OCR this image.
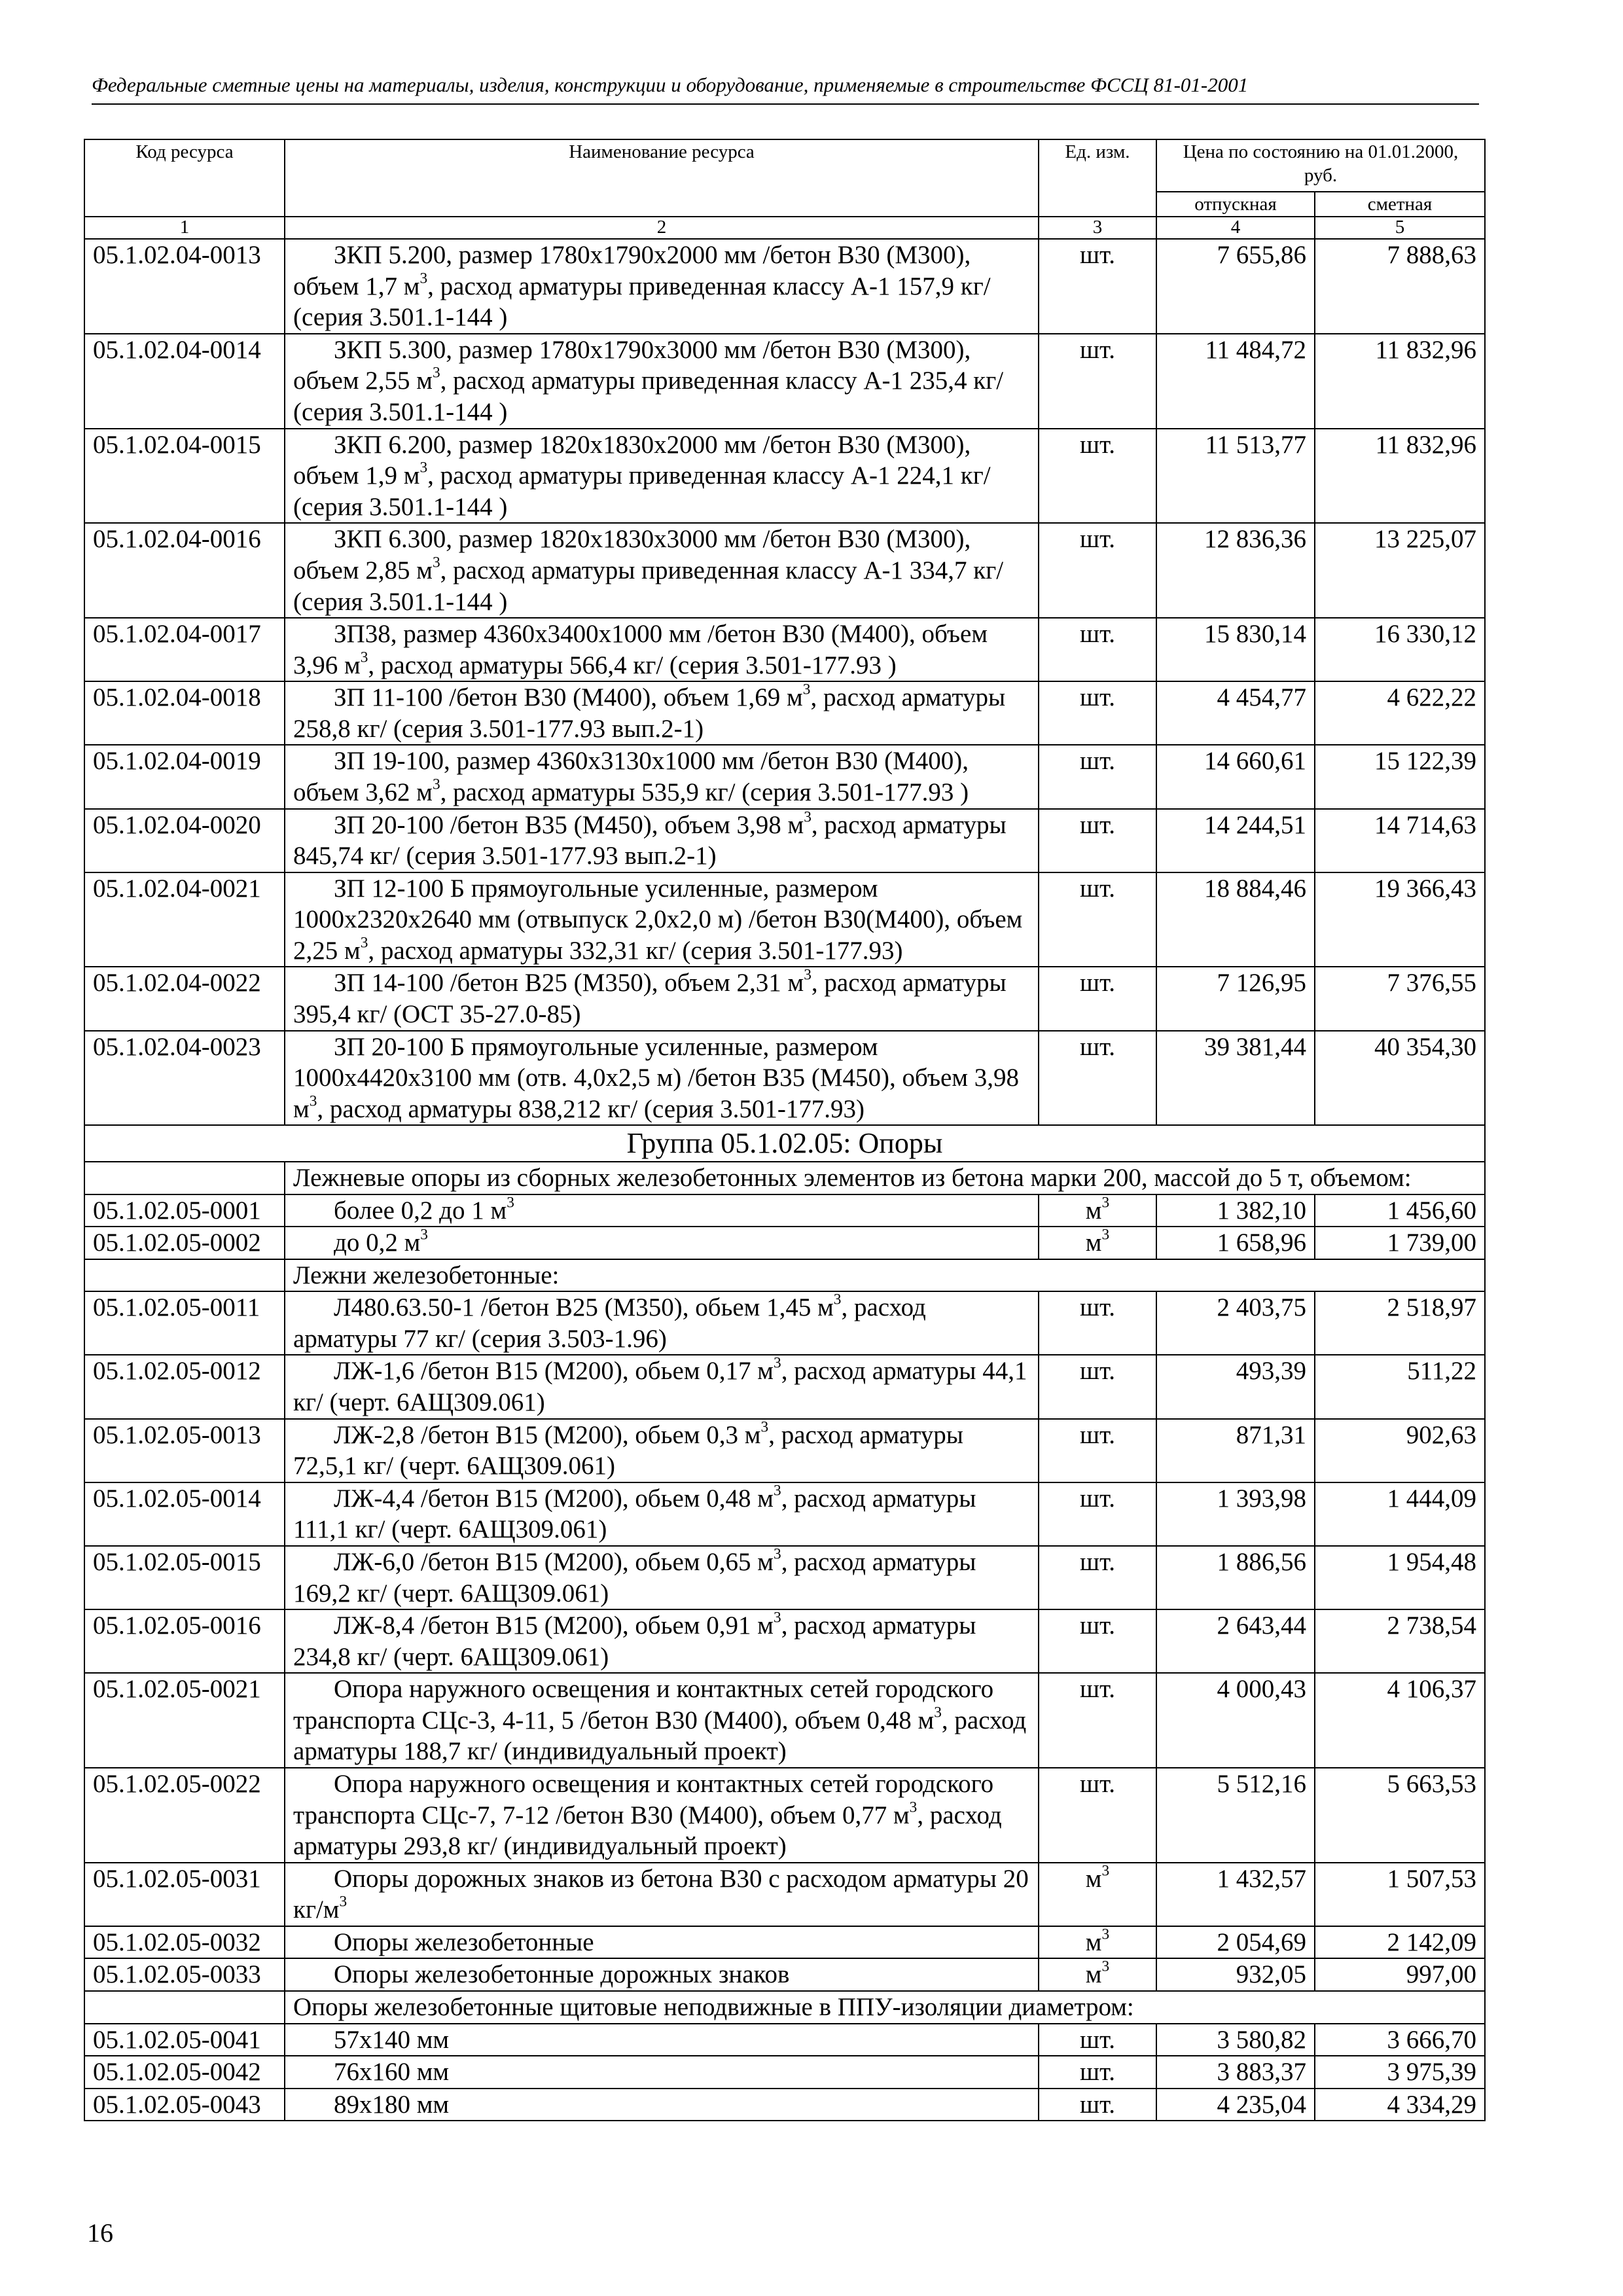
Федеральные сметные цены на материалы, изделия, конструкции и оборудование, применяемые в строительстве ФССЦ 81-01-2001
Код ресурса	Наименование ресурса	Ед. изм.	Цена по состоянию на 01.01.2000, руб.	
			отпускная	сметная
1	2	3	4	5
05.1.02.04-0013	ЗКП 5.200, размер 1780х1790х2000 мм /бетон В30 (М300), объем 1,7 $м^3$, расход арматуры приведенная классу А-1 157,9 кг/ (серия 3.501.1-144 )	шт.	7 655,86	7 888,63
05.1.02.04-0014	ЗКП 5.300, размер 1780х1790х3000 мм /бетон В30 (М300), объем 2,55 $м^3$, расход арматуры приведенная классу А-1 235,4 кг/ (серия 3.501.1-144 )	шт.	11 484,72	11 832,96
05.1.02.04-0015	ЗКП 6.200, размер 1820х1830х2000 мм /бетон В30 (М300), объем 1,9 $м^3$, расход арматуры приведенная классу А-1 224,1 кг/ (серия 3.501.1-144 )	шт.	11 513,77	11 832,96
05.1.02.04-0016	ЗКП 6.300, размер 1820х1830х3000 мм /бетон В30 (М300), объем 2,85 $м^3$, расход арматуры приведенная классу А-1 334,7 кг/ (серия 3.501.1-144 )	шт.	12 836,36	13 225,07
05.1.02.04-0017	ЗП38, размер 4360х3400х1000 мм /бетон В30 (М400), объем 3,96 $м^3$, расход арматуры 566,4 кг/ (серия 3.501-177.93 )	шт.	15 830,14	16 330,12
05.1.02.04-0018	ЗП 11-100 /бетон В30 (М400), объем 1,69 $м^3$, расход арматуры 258,8 кг/ (серия 3.501-177.93 вып.2-1)	шт.	4 454,77	4 622,22
05.1.02.04-0019	ЗП 19-100, размер 4360х3130х1000 мм /бетон В30 (М400), объем 3,62 $м^3$, расход арматуры 535,9 кг/ (серия 3.501-177.93 )	шт.	14 660,61	15 122,39
05.1.02.04-0020	ЗП 20-100 /бетон В35 (М450), объем 3,98 $м^3$, расход арматуры 845,74 кг/ (серия 3.501-177.93 вып.2-1)	шт.	14 244,51	14 714,63
05.1.02.04-0021	ЗП 12-100 Б прямоугольные усиленные, размером 1000х2320х2640 мм (отвыпуск 2,0х2,0 м) /бетон В30(М400), объем 2,25 $м^3$, расход арматуры 332,31 кг/ (серия 3.501-177.93)	шт.	18 884,46	19 366,43
05.1.02.04-0022	ЗП 14-100 /бетон В25 (М350), объем 2,31 $м^3$, расход арматуры 395,4 кг/ (ОСТ 35-27.0-85)	шт.	7 126,95	7 376,55
05.1.02.04-0023	ЗП 20-100 Б прямоугольные усиленные, размером 1000х4420х3100 мм (отв. 4,0х2,5 м) /бетон В35 (М450), объем 3,98 $м^3$, расход арматуры 838,212 кг/ (серия 3.501-177.93)	шт.	39 381,44	40 354,30
Группа 05.1.02.05: Опоры				
	Лежневые опоры из сборных железобетонных элементов из бетона марки 200, массой до 5 т, объемом:			
05.1.02.05-0001	более 0,2 до 1 $м^3$	$м^3$	1 382,10	1 456,60
05.1.02.05-0002	до 0,2 $м^3$	$м^3$	1 658,96	1 739,00
	Лежни железобетонные:			
05.1.02.05-0011	Л480.63.50-1 /бетон В25 (М350), обьем 1,45 $м^3$, расход арматуры 77 кг/ (серия 3.503-1.96)	шт.	2 403,75	2 518,97
05.1.02.05-0012	ЛЖ-1,6 /бетон В15 (М200), обьем 0,17 $м^3$, расход арматуры 44,1 кг/ (черт. 6АЩ309.061)	шт.	493,39	511,22
05.1.02.05-0013	ЛЖ-2,8 /бетон В15 (М200), обьем 0,3 $м^3$, расход арматуры 72,5,1 кг/ (черт. 6АЩ309.061)	шт.	871,31	902,63
05.1.02.05-0014	ЛЖ-4,4 /бетон В15 (М200), обьем 0,48 $м^3$, расход арматуры 111,1 кг/ (черт. 6АЩ309.061)	шт.	1 393,98	1 444,09
05.1.02.05-0015	ЛЖ-6,0 /бетон В15 (М200), обьем 0,65 $м^3$, расход арматуры 169,2 кг/ (черт. 6АЩ309.061)	шт.	1 886,56	1 954,48
05.1.02.05-0016	ЛЖ-8,4 /бетон В15 (М200), обьем 0,91 $м^3$, расход арматуры 234,8 кг/ (черт. 6АЩ309.061)	шт.	2 643,44	2 738,54
05.1.02.05-0021	Опора наружного освещения и контактных сетей городского транспорта СЦс-3, 4-11, 5 /бетон В30 (М400), объем 0,48 $м^3$, расход арматуры 188,7 кг/ (индивидуальный проект)	шт.	4 000,43	4 106,37
05.1.02.05-0022	Опора наружного освещения и контактных сетей городского транспорта СЦс-7, 7-12 /бетон В30 (М400), объем 0,77 $м^3$, расход арматуры 293,8 кг/ (индивидуальный проект)	шт.	5 512,16	5 663,53
05.1.02.05-0031	Опоры дорожных знаков из бетона В30 с расходом арматуры 20 $кг/м^3$	$м^3$	1 432,57	1 507,53
05.1.02.05-0032	Опоры железобетонные	$м^3$	2 054,69	2 142,09
05.1.02.05-0033	Опоры железобетонные дорожных знаков	$м^3$	932,05	997,00
	Опоры железобетонные щитовые неподвижные в ППУ-изоляции диаметром:			
05.1.02.05-0041	57х140 мм	шт.	3 580,82	3 666,70
05.1.02.05-0042	76х160 мм	шт.	3 883,37	3 975,39
05.1.02.05-0043	89х180 мм	шт.	4 235,04	4 334,29
16
